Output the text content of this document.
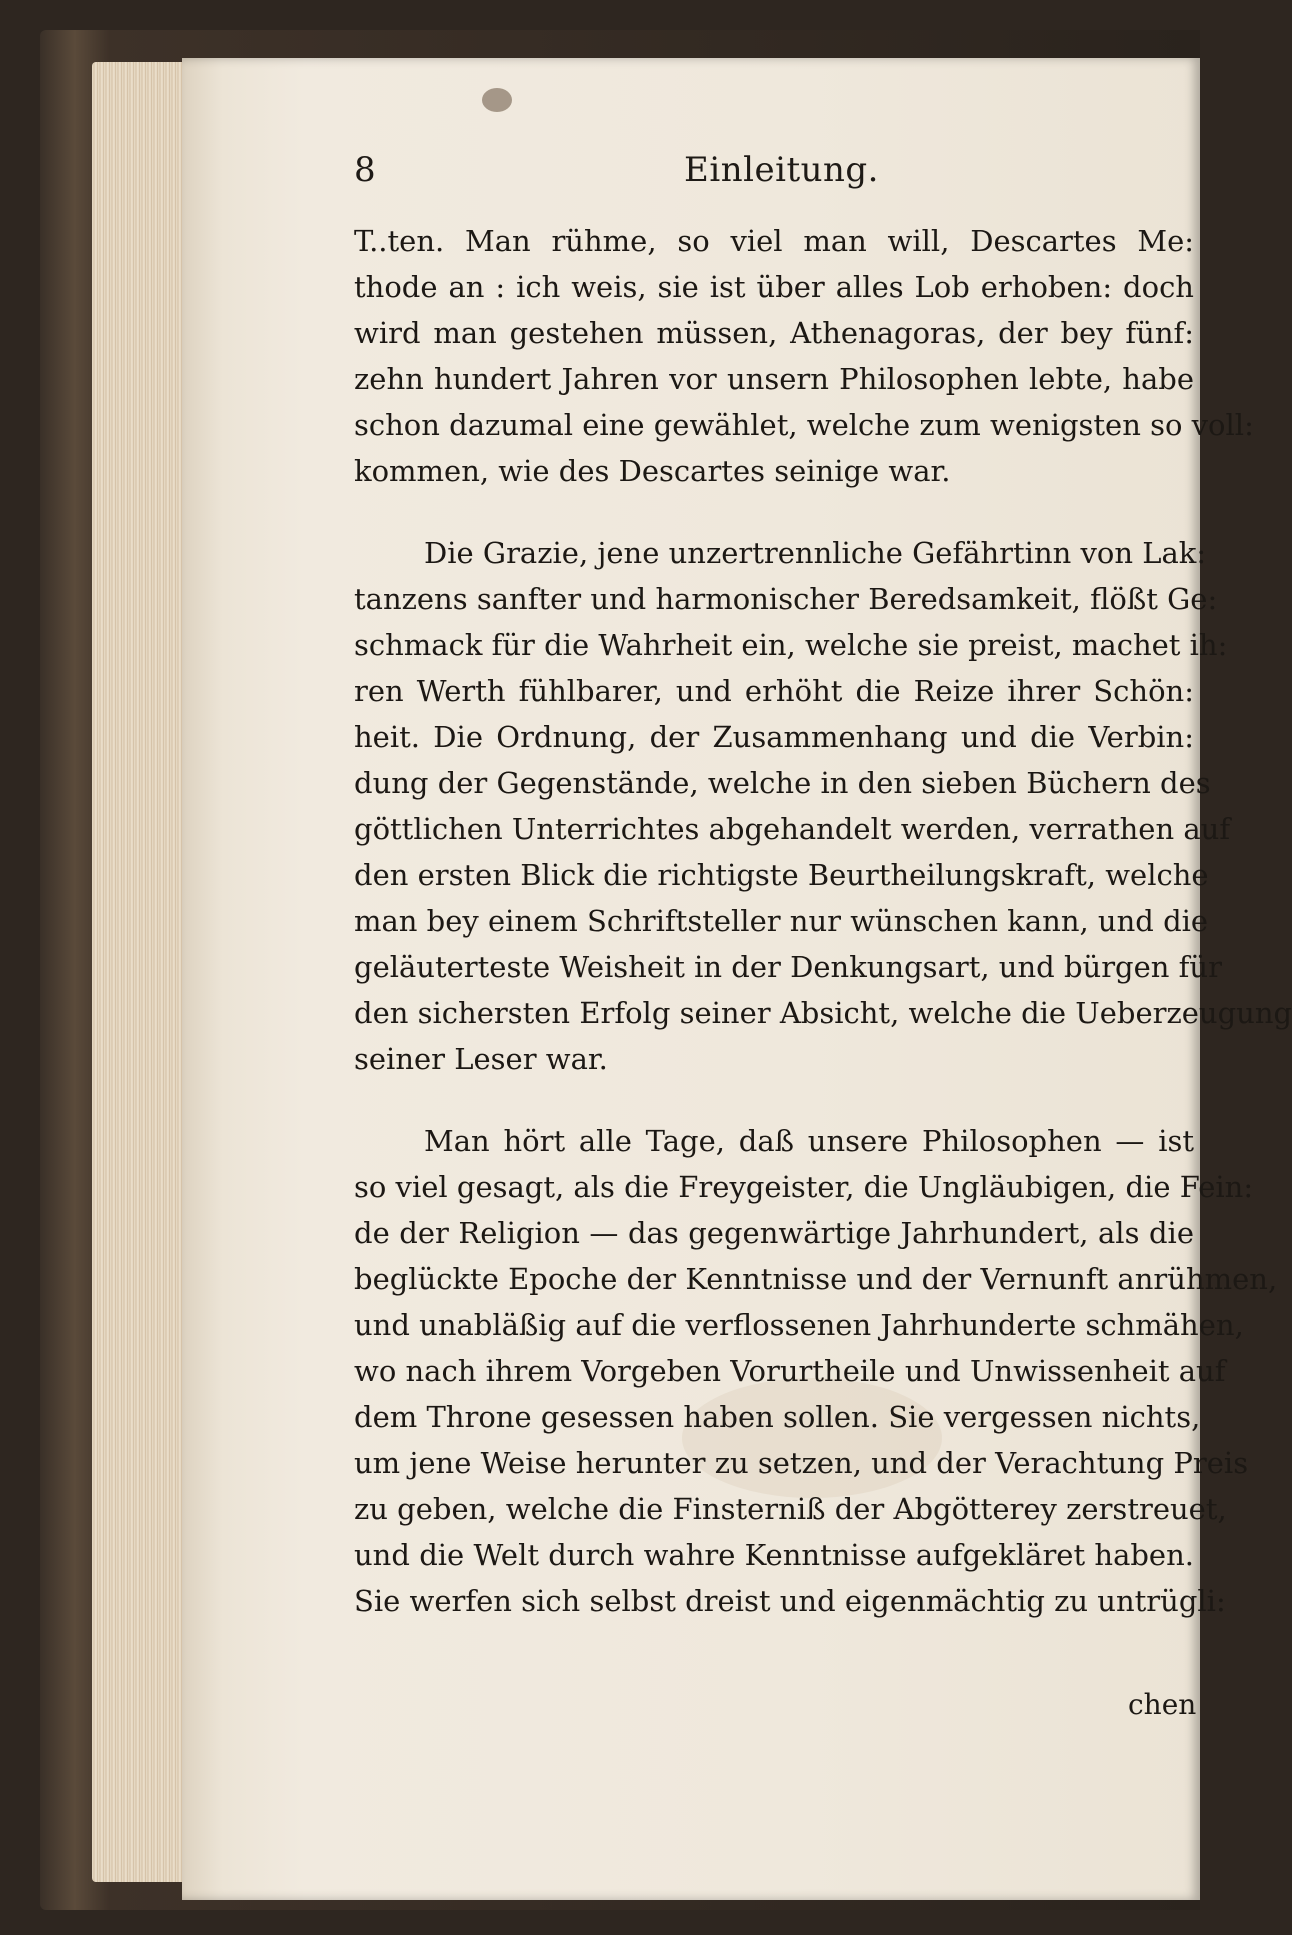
8	Einleitung.
T..ten. Man rühme, so viel man will, Descartes Me:
thode an : ich weis, sie ist über alles Lob erhoben: doch
wird man gestehen müssen, Athenagoras, der bey fünf:
zehn hundert Jahren vor unsern Philosophen lebte, habe
schon dazumal eine gewählet, welche zum wenigsten so voll:
kommen, wie des Descartes seinige war.
Die Grazie, jene unzertrennliche Gefährtinn von Lak:
tanzens sanfter und harmonischer Beredsamkeit, flößt Ge:
schmack für die Wahrheit ein, welche sie preist, machet ih:
ren Werth fühlbarer, und erhöht die Reize ihrer Schön:
heit. Die Ordnung, der Zusammenhang und die Verbin:
dung der Gegenstände, welche in den sieben Büchern des
göttlichen Unterrichtes abgehandelt werden, verrathen auf
den ersten Blick die richtigste Beurtheilungskraft, welche
man bey einem Schriftsteller nur wünschen kann, und die
geläuterteste Weisheit in der Denkungsart, und bürgen für
den sichersten Erfolg seiner Absicht, welche die Ueberzeugung
seiner Leser war.
Man hört alle Tage, daß unsere Philosophen — ist
so viel gesagt, als die Freygeister, die Ungläubigen, die Fein:
de der Religion — das gegenwärtige Jahrhundert, als die
beglückte Epoche der Kenntnisse und der Vernunft anrühmen,
und unabläßig auf die verflossenen Jahrhunderte schmähen,
wo nach ihrem Vorgeben Vorurtheile und Unwissenheit auf
dem Throne gesessen haben sollen. Sie vergessen nichts,
um jene Weise herunter zu setzen, und der Verachtung Preis
zu geben, welche die Finsterniß der Abgötterey zerstreuet,
und die Welt durch wahre Kenntnisse aufgekläret haben.
Sie werfen sich selbst dreist und eigenmächtig zu untrügli:
chen
